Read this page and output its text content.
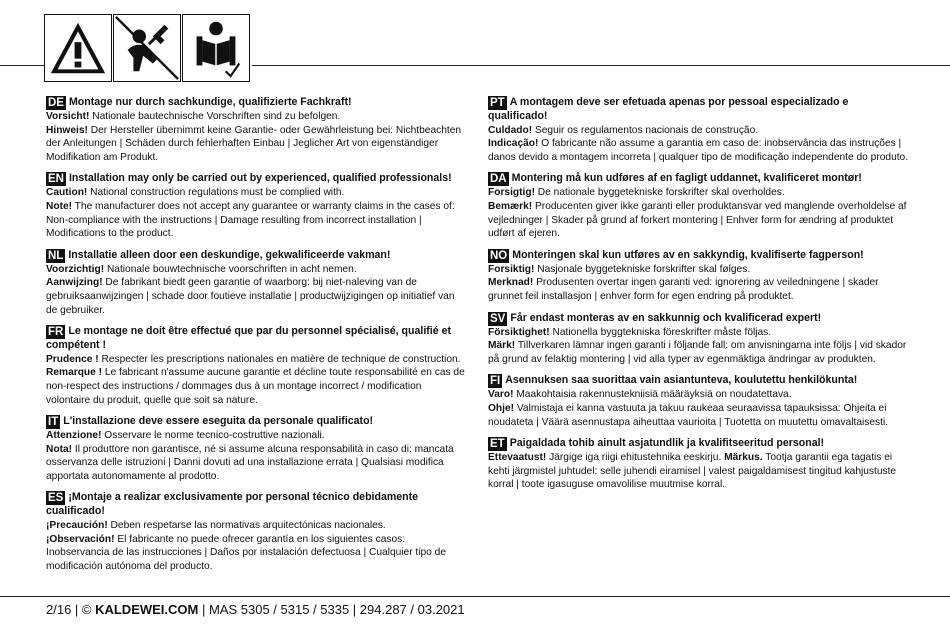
DE Montage nur durch sachkundige, qualifizierte Fachkraft!
Vorsicht! Nationale bautechnische Vorschriften sind zu befolgen.
Hinweis! Der Hersteller übernimmt keine Garantie- oder Gewährleistung bei: Nichtbeachten der Anleitungen | Schäden durch fehlerhaften Einbau | Jeglicher Art von eigenständiger Modifikation am Produkt.
EN Installation may only be carried out by experienced, qualified professionals!
Caution! National construction regulations must be complied with.
Note! The manufacturer does not accept any guarantee or warranty claims in the cases of: Non-compliance with the instructions | Damage resulting from incorrect installation | Modifications to the product.
NL Installatie alleen door een deskundige, gekwalificeerde vakman!
Voorzichtig! Nationale bouwtechnische voorschriften in acht nemen.
Aanwijzing! De fabrikant biedt geen garantie of waarborg: bij niet-naleving van de gebruiksaanwijzingen | schade door foutieve installatie | productwijzigingen op initiatief van de gebruiker.
FR Le montage ne doit être effectué que par du personnel spécialisé, qualifié et compétent !
Prudence ! Respecter les prescriptions nationales en matière de technique de construction. Remarque ! Le fabricant n'assume aucune garantie et décline toute responsabilité en cas de non-respect des instructions / dommages dus à un montage incorrect / modification volontaire du produit, quelle que soit sa nature.
IT L'installazione deve essere eseguita da personale qualificato!
Attenzione! Osservare le norme tecnico-costruttive nazionali.
Nota! Il produttore non garantisce, né si assume alcuna responsabilità in caso di: mancata osservanza delle istruzioni | Danni dovuti ad una installazione errata | Qualsiasi modifica apportata autonomamente al prodotto.
ES ¡Montaje a realizar exclusivamente por personal técnico debidamente cualificado!
¡Precaución! Deben respetarse las normativas arquitectónicas nacionales.
¡Observación! El fabricante no puede ofrecer garantía en los siguientes casos: Inobservancia de las instrucciones | Daños por instalación defectuosa | Cualquier tipo de modificación autónoma del producto.
PT A montagem deve ser efetuada apenas por pessoal especializado e qualificado!
Culdado! Seguir os regulamentos nacionais de construção.
Indicação! O fabricante não assume a garantia em caso de: inobservância das instruções | danos devido a montagem incorreta | qualquer tipo de modificação independente do produto.
DA Montering må kun udføres af en fagligt uddannet, kvalificeret montør!
Forsigtig! De nationale byggetekniske forskrifter skal overholdes.
Bemærk! Producenten giver ikke garanti eller produktansvar ved manglende overholdelse af vejledninger | Skader på grund af forkert montering | Enhver form for ændring af produktet udført af ejeren.
NO Monteringen skal kun utføres av en sakkyndig, kvalifiserte fagperson!
Forsiktig! Nasjonale byggetekniske forskrifter skal følges.
Merknad! Produsenten overtar ingen garanti ved: ignorering av veiledningene | skader grunnet feil installasjon | enhver form for egen endring på produktet.
SV Får endast monteras av en sakkunnig och kvalificerad expert!
Försiktighet! Nationella byggtekniska föreskrifter måste följas.
Märk! Tillverkaren lämnar ingen garanti i följande fall: om anvisningarna inte följs | vid skador på grund av felaktig montering | vid alla typer av egenmäktiga ändringar av produkten.
FI Asennuksen saa suorittaa vain asiantunteva, koulutettu henkilökunta!
Varo! Maakohtaisia rakennustekniisiä määräyksiä on noudatettava.
Ohje! Valmistaja ei kanna vastuuta ja takuu raukeaa seuraavissa tapauksissa: Ohjeita ei noudateta | Väärä asennustapa aiheuttaa vaurioita | Tuotetta on muutettu omavaltaisesti.
ET Paigaldada tohib ainult asjatundlik ja kvalifitseeritud personal!
Ettevaatust! Järgige iga riigi ehitustehnika eeskirju. Märkus. Tootja garantii ega tagatis ei kehti järgmistel juhtudel: selle juhendi eiramisel | valest paigaldamisest tingitud kahjustuste korral | toote igasuguse omavolilise muutmise korral.
2/16 | © KALDEWEI.COM | MAS 5305 / 5315 / 5335 | 294.287 / 03.2021
